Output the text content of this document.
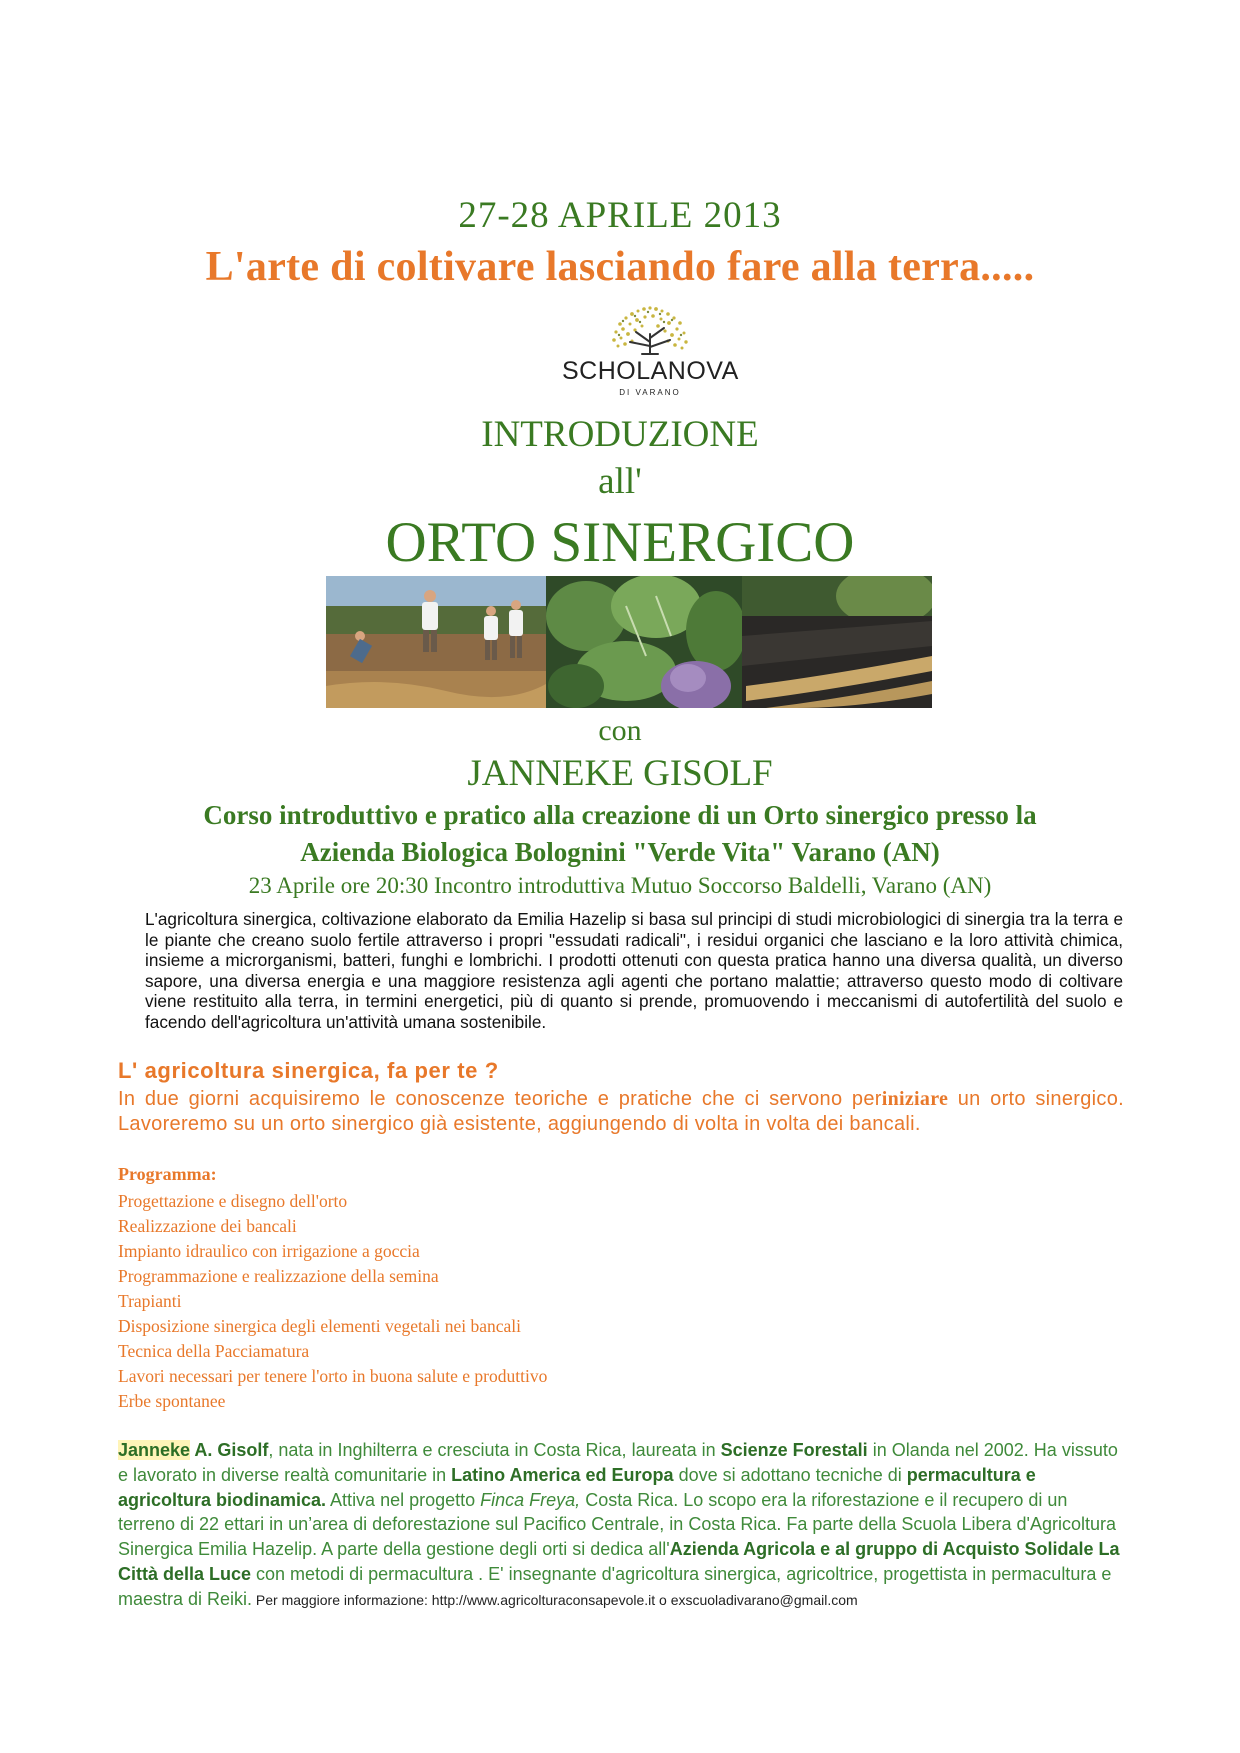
27-28 APRILE 2013
L'arte di coltivare lasciando fare alla terra.....
SCHOLANOVA
DI VARANO
INTRODUZIONE
all'
ORTO SINERGICO
con
JANNEKE GISOLF
Corso introduttivo e pratico alla creazione di un Orto sinergico presso la
Azienda Biologica Bolognini "Verde Vita" Varano (AN)
23 Aprile ore 20:30 Incontro introduttiva Mutuo Soccorso Baldelli, Varano (AN)
L'agricoltura sinergica, coltivazione elaborato da Emilia Hazelip si basa sul principi di studi microbiologici di sinergia tra la terra e le piante che creano suolo fertile attraverso i propri "essudati radicali", i residui organici che lasciano e la loro attività chimica, insieme a microrganismi, batteri, funghi e lombrichi. I prodotti ottenuti con questa pratica hanno una diversa qualità, un diverso sapore, una diversa energia e una maggiore resistenza agli agenti che portano malattie; attraverso questo modo di coltivare viene restituito alla terra, in termini energetici, più di quanto si prende, promuovendo i meccanismi di autofertilità del suolo e facendo dell'agricoltura un'attività umana sostenibile.
L' agricoltura sinergica, fa per te ?
In due giorni acquisiremo le conoscenze teoriche e pratiche che ci servono periniziare un orto sinergico. Lavoreremo su un orto sinergico già esistente, aggiungendo di volta in volta dei bancali.
Programma:
Progettazione e disegno dell'orto
Realizzazione dei bancali
Impianto idraulico con irrigazione a goccia
Programmazione e realizzazione della semina
Trapianti
Disposizione sinergica degli elementi vegetali nei bancali
Tecnica della Pacciamatura
Lavori necessari per tenere l'orto in buona salute e produttivo
Erbe spontanee
Janneke A. Gisolf, nata in Inghilterra e cresciuta in Costa Rica, laureata in Scienze Forestali in Olanda nel 2002. Ha vissuto e lavorato in diverse realtà comunitarie in Latino America ed Europa dove si adottano tecniche di permacultura e agricoltura biodinamica. Attiva nel progetto Finca Freya, Costa Rica. Lo scopo era la riforestazione e il recupero di un terreno di 22 ettari in un’area di deforestazione sul Pacifico Centrale, in Costa Rica. Fa parte della Scuola Libera d'Agricoltura Sinergica Emilia Hazelip. A parte della gestione degli orti si dedica all'Azienda Agricola e al gruppo di Acquisto Solidale La Città della Luce con metodi di permacultura . E' insegnante d'agricoltura sinergica, agricoltrice, progettista in permacultura e maestra di Reiki. Per maggiore informazione: http://www.agricolturaconsapevole.it o exscuoladivarano@gmail.com
